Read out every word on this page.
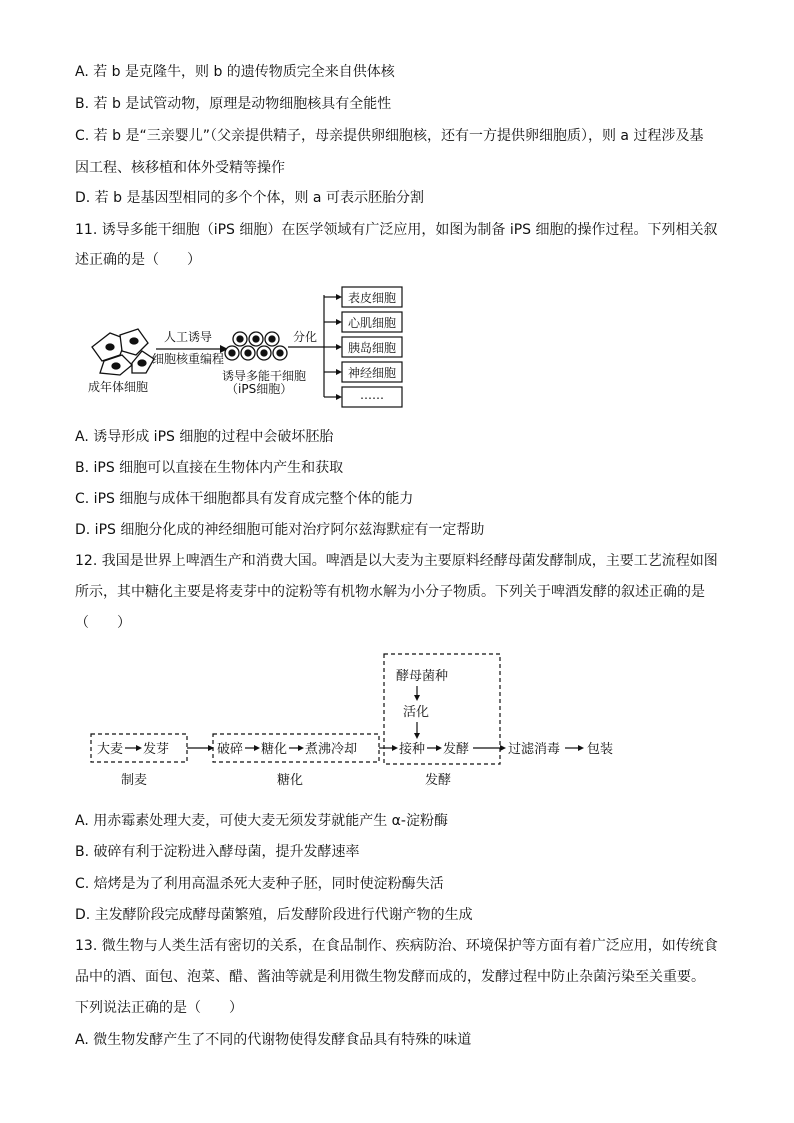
A. 若 b 是克隆牛，则 b 的遗传物质完全来自供体核
B. 若 b 是试管动物，原理是动物细胞核具有全能性
C. 若 b 是“三亲婴儿”（父亲提供精子，母亲提供卵细胞核，还有一方提供卵细胞质），则 a 过程涉及基
因工程、核移植和体外受精等操作
D. 若 b 是基因型相同的多个个体，则 a 可表示胚胎分割
11. 诱导多能干细胞（iPS 细胞）在医学领域有广泛应用，如图为制备 iPS 细胞的操作过程。下列相关叙
述正确的是（　　）
成年体细胞
人工诱导
细胞核重编程
诱导多能干细胞
（iPS细胞）
分化
表皮细胞
心肌细胞
胰岛细胞
神经细胞
……
A. 诱导形成 iPS 细胞的过程中会破坏胚胎
B. iPS 细胞可以直接在生物体内产生和获取
C. iPS 细胞与成体干细胞都具有发育成完整个体的能力
D. iPS 细胞分化成的神经细胞可能对治疗阿尔兹海默症有一定帮助
12. 我国是世界上啤酒生产和消费大国。啤酒是以大麦为主要原料经酵母菌发酵制成，主要工艺流程如图
所示，其中糖化主要是将麦芽中的淀粉等有机物水解为小分子物质。下列关于啤酒发酵的叙述正确的是
（　　）
酵母菌种
活化
大麦 发芽	破碎 糖化 煮沸冷却	接种 发酵	过滤消毒 包装
制麦	糖化	发酵
A. 用赤霉素处理大麦，可使大麦无须发芽就能产生 α-淀粉酶
B. 破碎有利于淀粉进入酵母菌，提升发酵速率
C. 焙烤是为了利用高温杀死大麦种子胚，同时使淀粉酶失活
D. 主发酵阶段完成酵母菌繁殖，后发酵阶段进行代谢产物的生成
13. 微生物与人类生活有密切的关系，在食品制作、疾病防治、环境保护等方面有着广泛应用，如传统食
品中的酒、面包、泡菜、醋、酱油等就是利用微生物发酵而成的，发酵过程中防止杂菌污染至关重要。
下列说法正确的是（　　）
A. 微生物发酵产生了不同的代谢物使得发酵食品具有特殊的味道
